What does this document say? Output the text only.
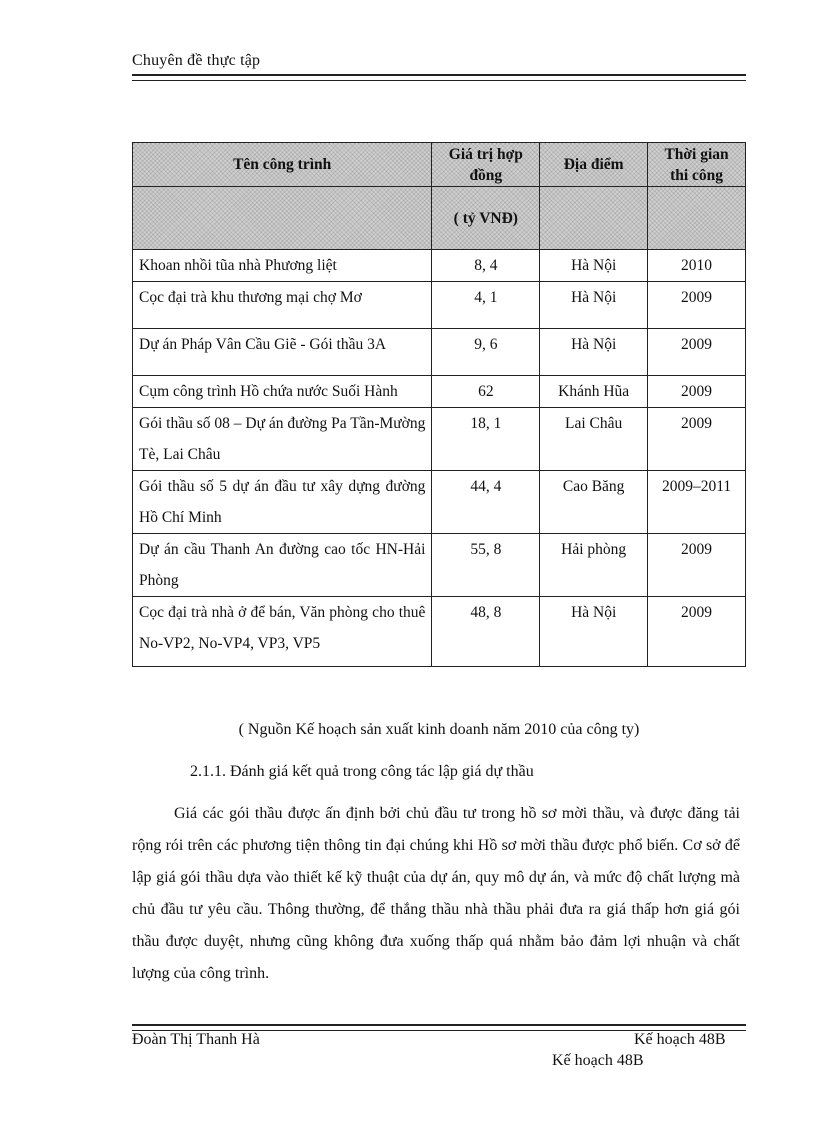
Chuyên đề thực tập
Tên công trình	Giá trị hợp đồng	Địa điểm	Thời gian thi công
	( tỷ VNĐ)		
Khoan nhồi tũa nhà Phương liệt	8, 4	Hà Nội	2010
Cọc đại trà khu thương mại chợ Mơ	4, 1	Hà Nội	2009
Dự án Pháp Vân Cầu Giẽ - Gói thầu 3A	9, 6	Hà Nội	2009
Cụm công trình Hồ chứa nước Suối Hành	62	Khánh Hũa	2009
Gói thầu số 08 – Dự án đường Pa Tần-Mường Tè, Lai Châu	18, 1	Lai Châu	2009
Gói thầu số 5 dự án đầu tư xây dựng đường Hồ Chí Minh	44, 4	Cao Băng	2009–2011
Dự án cầu Thanh An đường cao tốc HN-Hải Phòng	55, 8	Hải phòng	2009
Cọc đại trà nhà ở để bán, Văn phòng cho thuê No-VP2, No-VP4, VP3, VP5	48, 8	Hà Nội	2009
( Nguồn Kế hoạch sản xuất kinh doanh năm 2010 của công ty)
2.1.1. Đánh giá kết quả trong công tác lập giá dự thầu

Giá các gói thầu được ấn định bởi chủ đầu tư trong hồ sơ mời thầu, và được đăng tải rộng rói trên các phương tiện thông tin đại chúng khi Hồ sơ mời thầu được phổ biến. Cơ sở để lập giá gói thầu dựa vào thiết kế kỹ thuật của dự án, quy mô dự án, và mức độ chất lượng mà chủ đầu tư yêu cầu. Thông thường, để thắng thầu nhà thầu phải đưa ra giá thấp hơn giá gói thầu được duyệt, nhưng cũng không đưa xuống thấp quá nhằm bảo đảm lợi nhuận và chất lượng của công trình.

Đoàn Thị Thanh Hà	Kế hoạch 48B
Kế hoạch 48B
